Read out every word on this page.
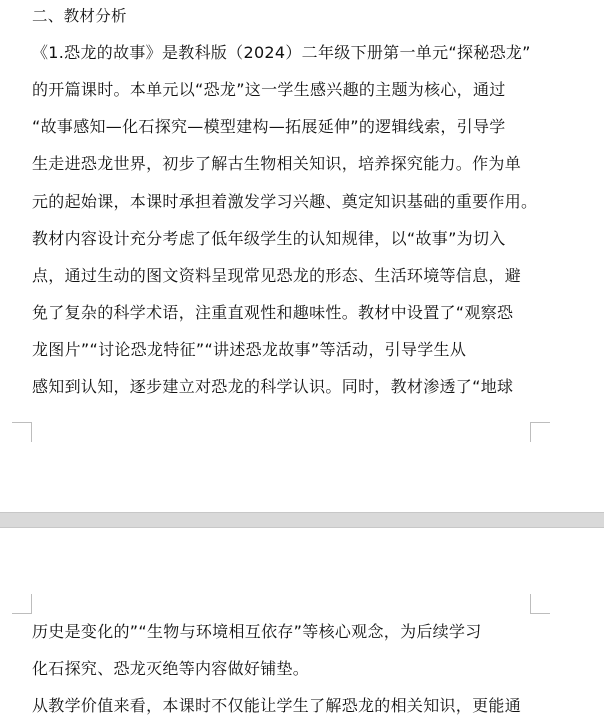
二、教材分析
《1.恐龙的故事》是教科版（2024）二年级下册第一单元“探秘恐龙”
的开篇课时。本单元以“恐龙”这一学生感兴趣的主题为核心，通过
“故事感知—化石探究—模型建构—拓展延伸”的逻辑线索，引导学
生走进恐龙世界，初步了解古生物相关知识，培养探究能力。作为单
元的起始课，本课时承担着激发学习兴趣、奠定知识基础的重要作用。
教材内容设计充分考虑了低年级学生的认知规律，以“故事”为切入
点，通过生动的图文资料呈现常见恐龙的形态、生活环境等信息，避
免了复杂的科学术语，注重直观性和趣味性。教材中设置了“观察恐
龙图片”“讨论恐龙特征”“讲述恐龙故事”等活动，引导学生从
感知到认知，逐步建立对恐龙的科学认识。同时，教材渗透了“地球
历史是变化的”“生物与环境相互依存”等核心观念，为后续学习
化石探究、恐龙灭绝等内容做好铺垫。
从教学价值来看，本课时不仅能让学生了解恐龙的相关知识，更能通
